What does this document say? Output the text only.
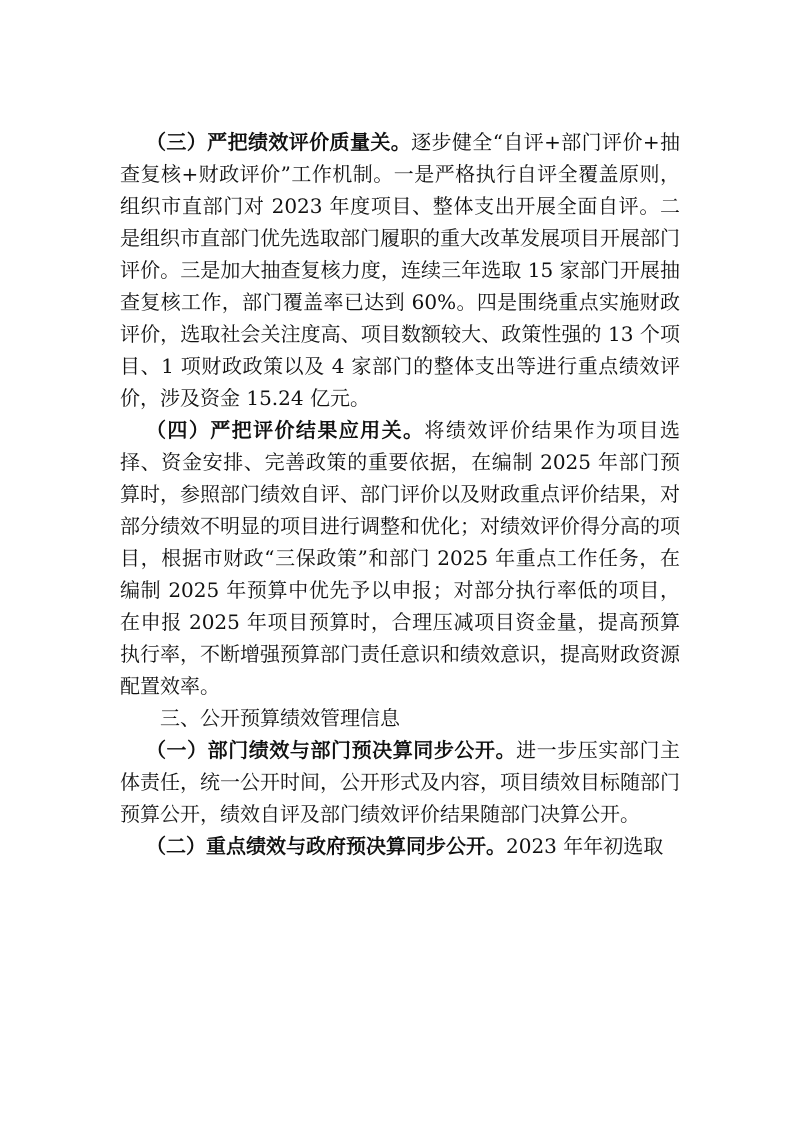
（三）严把绩效评价质量关。逐步健全“自评+部门评价+抽查复核+财政评价”工作机制。一是严格执行自评全覆盖原则，组织市直部门对 2023 年度项目、整体支出开展全面自评。二是组织市直部门优先选取部门履职的重大改革发展项目开展部门评价。三是加大抽查复核力度，连续三年选取 15 家部门开展抽查复核工作，部门覆盖率已达到 60%。四是围绕重点实施财政评价，选取社会关注度高、项目数额较大、政策性强的 13 个项目、1 项财政政策以及 4 家部门的整体支出等进行重点绩效评价，涉及资金 15.24 亿元。

（四）严把评价结果应用关。将绩效评价结果作为项目选择、资金安排、完善政策的重要依据，在编制 2025 年部门预算时，参照部门绩效自评、部门评价以及财政重点评价结果，对部分绩效不明显的项目进行调整和优化；对绩效评价得分高的项目，根据市财政“三保政策”和部门 2025 年重点工作任务，在编制 2025 年预算中优先予以申报；对部分执行率低的项目，在申报 2025 年项目预算时，合理压减项目资金量，提高预算执行率，不断增强预算部门责任意识和绩效意识，提高财政资源配置效率。

三、公开预算绩效管理信息

（一）部门绩效与部门预决算同步公开。进一步压实部门主体责任，统一公开时间，公开形式及内容，项目绩效目标随部门预算公开，绩效自评及部门绩效评价结果随部门决算公开。

（二）重点绩效与政府预决算同步公开。2023 年年初选取
